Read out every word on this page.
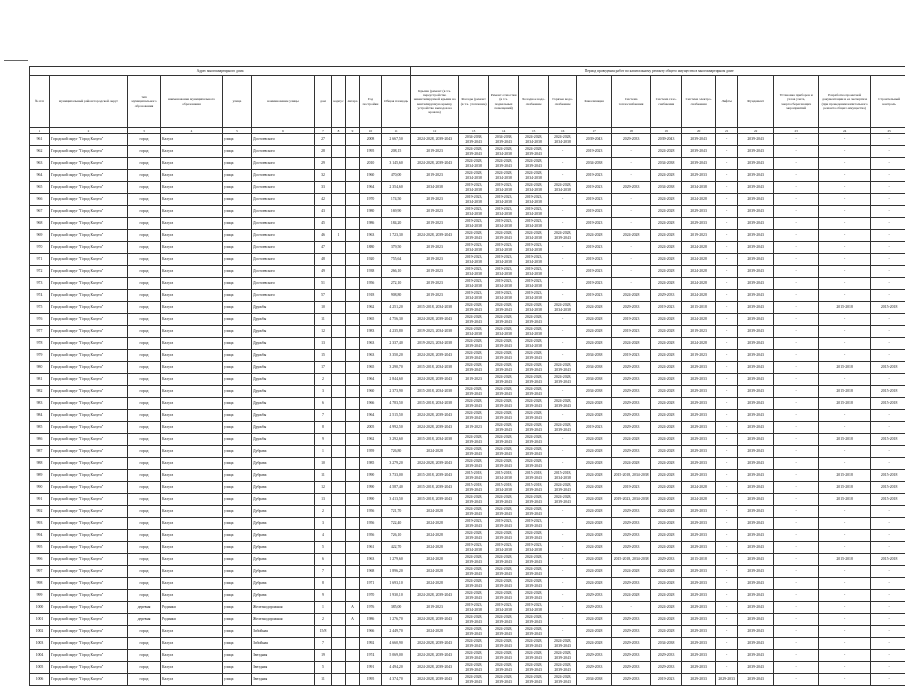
Адрес многоквартирного дома											Период проведения работ по капитальному ремонту общего имущества в многоквартирном доме													
№ п/п	муниципальный район/городской округ	тип муниципального образования	наименование муниципального образования	улица	наименование улицы	дом	корпус	литера	Год постройки	Общая площадь	Крыша (ремонт (в т.ч. переустройство невентилируемой крыши на вентилируемую крышу, устройство выходов на кровлю)	Фасады (ремонт (в т.ч. утепление)	Ремонт отмостки (в т.ч. подвальных помещений)	Холодное водо-снабжение	Горячее водо-снабжение	Канализация	Система теплоснабжения	Система газо-снабжения	Система электро-снабжения	Лифты	Фундамент	Установка приборов и узлов учета, энергосберегающих мероприятий	Разработка проектной документации и ее экспертиза (при проведении капитального ремонта общего имущества)	Строительный контроль
1	2	3	4	5	6	7	8	9	10	11	12	13	14	15	16	17	18	19	20	21	22	23	24	25
961	Городской округ "Город Калуга"	город	Калуга	улица	Достоевского	27			2008	2 667,50	2024-2028, 2039-2043	2034-2038, 2039-2043	2034-2038, 2039-2043	2024-2028, 2034-2038	2024-2028, 2034-2038	2039-2043	2029-2033	2039-2043	2039-2043	-	2039-2043	-	-	-
962	Городской округ "Город Калуга"	город	Калуга	улица	Достоевского	28			1995	208,15	2019-2023	2024-2028, 2039-2043	2024-2028, 2034-2038	2024-2028, 2039-2043	-	2019-2023	-	2024-2028	2039-2043	-	2039-2043	-	-	-
963	Городской округ "Город Калуга"	город	Калуга	улица	Достоевского	29			2010	3 145,60	2024-2028, 2039-2043	2024-2028, 2034-2038	2024-2028, 2039-2043	2024-2028, 2039-2043	-	2034-2038	-	2034-2038	2039-2043	-	2039-2043	-	-	-
964	Городской округ "Город Калуга"	город	Калуга	улица	Достоевского	32			1960	470,00	2019-2023	2024-2028, 2034-2038	2024-2028, 2034-2038	2024-2028, 2034-2038	-	2019-2023	-	2024-2028	2029-2033	-	2039-2043	-	-	-
965	Городской округ "Город Калуга"	город	Калуга	улица	Достоевского	33			1964	2 354,60	2034-2038	2019-2023, 2034-2038	2019-2023, 2034-2038	2024-2028, 2034-2038	2024-2028, 2034-2038	2019-2023	2029-2033	2034-2038	2034-2038	-	2039-2043	-	-	-
966	Городской округ "Город Калуга"	город	Калуга	улица	Достоевского	42			1970	174,50	2019-2023	2019-2023, 2034-2038	2019-2023, 2034-2038	2019-2023, 2034-2038	-	2019-2023	-	2024-2028	2024-2028	-	2039-2043	-	-	-
967	Городской округ "Город Калуга"	город	Калуга	улица	Достоевского	43			1980	169,90	2019-2023	2019-2023, 2034-2038	2019-2023, 2034-2038	2019-2023, 2034-2038	-	2019-2023	-	2024-2028	2029-2033	-	2039-2043	-	-	-
968	Городской округ "Город Калуга"	город	Калуга	улица	Достоевского	45			1986	184,20	2019-2023	2019-2023, 2034-2038	2019-2023, 2034-2038	2019-2023, 2034-2038	-	2019-2023	-	2024-2028	2029-2033	-	2039-2043	-	-	-
969	Городской округ "Город Калуга"	город	Калуга	улица	Достоевского	46	1		1963	1 723,30	2024-2028, 2039-2043	2024-2028, 2039-2043	2024-2028, 2039-2043	2024-2028, 2034-2038	2024-2028, 2039-2043	2024-2028	2024-2028	2024-2028	2019-2023	-	2039-2043	-	-	-
970	Городской округ "Город Калуга"	город	Калуга	улица	Достоевского	47			1880	379,50	2019-2023	2019-2023, 2034-2038	2019-2023, 2034-2038	2019-2023, 2034-2038	-	2019-2023	-	2024-2028	2024-2028	-	2039-2043	-	-	-
971	Городской округ "Город Калуга"	город	Калуга	улица	Достоевского	48			1920	755,64	2019-2023	2019-2023, 2034-2038	2019-2023, 2034-2038	2019-2023, 2034-2038	-	2019-2023	-	2024-2028	2024-2028	-	2039-2043	-	-	-
972	Городской округ "Город Калуга"	город	Калуга	улица	Достоевского	49			1938	266,10	2019-2023	2019-2023, 2034-2038	2019-2023, 2034-2038	2019-2023, 2034-2038	-	2019-2023	-	2024-2028	2024-2028	-	2039-2043	-	-	-
973	Городской округ "Город Калуга"	город	Калуга	улица	Достоевского	51			1956	272,10	2019-2023	2019-2023, 2034-2038	2019-2023, 2034-2038	2019-2023, 2034-2038	-	2019-2023	-	2024-2028	2024-2028	-	2039-2043	-	-	-
974	Городской округ "Город Калуга"	город	Калуга	улица	Достоевского	57			1918	908,80	2019-2023	2019-2023, 2034-2038	2019-2023, 2034-2038	2019-2023, 2034-2038	-	2019-2023	2024-2028	2029-2033	2024-2028	-	2039-2043	-	-	-
975	Городской округ "Город Калуга"	город	Калуга	улица	Дружбы	10			1962	4 251,20	2015-2018, 2034-2038	2024-2028, 2039-2043	2024-2028, 2039-2043	2024-2028, 2034-2038	2024-2028, 2034-2038	2024-2028	2029-2033	2019-2023	2015-2018	-	2039-2043	-	2015-2018	2015-2018
976	Городской округ "Город Калуга"	город	Калуга	улица	Дружбы	11			1965	4 756,30	2024-2028, 2039-2043	2024-2028, 2039-2043	2024-2028, 2039-2043	2024-2028, 2039-2043	-	2024-2028	2019-2023	2024-2028	2024-2028	-	2039-2043	-	-	-
977	Городской округ "Город Калуга"	город	Калуга	улица	Дружбы	12			1983	4 235,80	2019-2023, 2034-2038	2024-2028, 2034-2038	2024-2028, 2034-2038	2024-2028, 2034-2038	-	2024-2028	2019-2023	2024-2028	2019-2023	-	2039-2043	-	-	-
978	Городской округ "Город Калуга"	город	Калуга	улица	Дружбы	13			1963	2 337,40	2019-2023, 2034-2038	2024-2028, 2039-2043	2024-2028, 2039-2043	2024-2028, 2034-2038	-	2024-2028	2024-2028	2024-2028	2024-2028	-	2039-2043	-	-	-
979	Городской округ "Город Калуга"	город	Калуга	улица	Дружбы	15			1963	3 350,20	2024-2028, 2039-2043	2024-2028, 2039-2043	2024-2028, 2039-2043	2024-2028, 2039-2043	-	2034-2038	2019-2023	2024-2028	2019-2023	-	2039-2043	-	-	-
980	Городской округ "Город Калуга"	город	Калуга	улица	Дружбы	17			1965	3 290,70	2015-2018, 2034-2038	2024-2028, 2039-2043	2024-2028, 2039-2043	2024-2028, 2039-2043	2024-2028, 2039-2043	2034-2038	2029-2033	2024-2028	2029-2033	-	2039-2043	-	2015-2018	2015-2018
981	Городской округ "Город Калуга"	город	Калуга	улица	Дружбы	2			1964	2 844,60	2024-2028, 2039-2043	2019-2023	2024-2028, 2039-2043	2024-2028, 2039-2043	2024-2028, 2039-2043	2034-2038	2029-2033	2024-2028	2029-2033	-	2039-2043	-	-	-
982	Городской округ "Город Калуга"	город	Калуга	улица	Дружбы	3			1960	2 373,90	2015-2018, 2034-2038	2024-2028, 2039-2043	2024-2028, 2039-2043	2024-2028, 2039-2043	-	2034-2038	2029-2033	2024-2028	2029-2033	-	2039-2043	-	2015-2018	2015-2018
983	Городской округ "Город Калуга"	город	Калуга	улица	Дружбы	6			1966	4 783,50	2015-2018, 2034-2038	2024-2028, 2039-2043	2024-2028, 2039-2043	2024-2028, 2039-2043	2024-2028, 2039-2043	2024-2028	2029-2033	2024-2028	2029-2033	-	2039-2043	-	2015-2018	2015-2018
984	Городской округ "Город Калуга"	город	Калуга	улица	Дружбы	7			1964	2 515,50	2024-2028, 2039-2043	2024-2028, 2039-2043	2024-2028, 2039-2043	2024-2028, 2039-2043	-	2024-2028	2029-2033	2024-2028	2029-2033	-	2039-2043	-	-	-
985	Городской округ "Город Калуга"	город	Калуга	улица	Дружбы	8			2005	4 992,50	2024-2028, 2039-2043	2019-2023	2024-2028, 2039-2043	2024-2028, 2039-2043	2024-2028, 2039-2043	2019-2023	2029-2033	2024-2028	2029-2033	-	2039-2043	-	-	-
986	Городской округ "Город Калуга"	город	Калуга	улица	Дружбы	9			1962	3 292,60	2015-2018, 2034-2038	2024-2028, 2039-2043	2024-2028, 2039-2043	2024-2028, 2039-2043	-	2024-2028	2024-2028	2024-2028	2029-2033	-	2039-2043	-	2015-2018	2015-2018
987	Городской округ "Город Калуга"	город	Калуга	улица	Дубрава	1			1959	726,80	2024-2028	2024-2028, 2039-2043	2024-2028, 2039-2043	2024-2028, 2039-2043	-	2024-2028	2029-2033	2024-2028	2029-2033	-	2039-2043	-	-	-
988	Городской округ "Город Калуга"	город	Калуга	улица	Дубрава	10			1985	3 279,20	2024-2028, 2039-2043	2024-2028, 2039-2043	2024-2028, 2039-2043	2024-2028, 2039-2043	-	2024-2028	2024-2028	2024-2028	2029-2033	-	2039-2043	-	-	-
989	Городской округ "Город Калуга"	город	Калуга	улица	Дубрава	11			1990	3 733,00	2015-2018, 2039-2043	2015-2018, 2039-2043	2015-2018, 2034-2038	2015-2018, 2039-2043	2015-2018, 2034-2038	2024-2028	2015-2018, 2034-2038	2024-2028	2029-2033	-	2039-2043	-	2015-2018	2015-2018
990	Городской округ "Город Калуга"	город	Калуга	улица	Дубрава	12			1990	4 587,40	2015-2018, 2039-2043	2015-2018, 2039-2043	2015-2018, 2034-2038	2015-2018, 2039-2043	2024-2028, 2039-2043	2024-2028	2019-2023	2024-2028	2024-2028	-	2039-2043	-	2015-2018	2015-2018
991	Городской округ "Город Калуга"	город	Калуга	улица	Дубрава	13			1990	3 413,50	2015-2018, 2039-2043	2024-2028, 2039-2043	2024-2028, 2039-2043	2024-2028, 2039-2043	2024-2028, 2039-2043	2024-2028	2019-2023, 2034-2038	2024-2028	2024-2028	-	2039-2043	-	2015-2018	2015-2018
992	Городской округ "Город Калуга"	город	Калуга	улица	Дубрава	2			1956	721,70	2024-2028	2024-2028, 2039-2043	2024-2028, 2039-2043	2024-2028, 2039-2043	-	2024-2028	2029-2033	2024-2028	2029-2033	-	2039-2043	-	-	-
993	Городской округ "Город Калуга"	город	Калуга	улица	Дубрава	3			1956	722,40	2024-2028	2019-2023, 2039-2043	2019-2023, 2039-2043	2019-2023, 2039-2043	-	2024-2028	2029-2033	2024-2028	2029-2033	-	2039-2043	-	-	-
994	Городской округ "Город Калуга"	город	Калуга	улица	Дубрава	4			1956	726,10	2024-2028	2024-2028, 2039-2043	2024-2028, 2039-2043	2024-2028, 2039-2043	-	2024-2028	2029-2033	2024-2028	2029-2033	-	2039-2043	-	-	-
995	Городской округ "Город Калуга"	город	Калуга	улица	Дубрава	5			1961	422,70	2024-2028	2019-2023, 2034-2038	2019-2023, 2034-2038	2019-2023, 2034-2038	-	2024-2028	2029-2033	2024-2028	2029-2033	-	2039-2043	-	-	-
996	Городской округ "Город Калуга"	город	Калуга	улица	Дубрава	6			1963	1 279,60	2024-2028	2024-2028, 2039-2043	2024-2028, 2039-2043	2024-2028, 2039-2043	-	2024-2028	2015-2018, 2034-2038	2029-2033	2015-2018	-	2039-2043	-	2015-2018	2015-2018
997	Городской округ "Город Калуга"	город	Калуга	улица	Дубрава	7			1968	1 896,20	2024-2028	2024-2028, 2039-2043	2024-2028, 2039-2043	2024-2028, 2039-2043	-	2024-2028	2024-2028	2024-2028	2029-2033	-	2039-2043	-	-	-
998	Городской округ "Город Калуга"	город	Калуга	улица	Дубрава	8			1971	1 693,10	2024-2028	2024-2028, 2039-2043	2024-2028, 2039-2043	2024-2028, 2039-2043	-	2024-2028	2029-2033	2024-2028	2029-2033	-	2039-2043	-	-	-
999	Городской округ "Город Калуга"	город	Калуга	улица	Дубрава	9			1970	1 930,10	2024-2028, 2039-2043	2024-2028, 2039-2043	2024-2028, 2039-2043	2024-2028, 2039-2043	-	2029-2033	2024-2028	2024-2028	2029-2033	-	2039-2043	-	-	-
1000	Городской округ "Город Калуга"	деревня	Родинки	улица	Железнодорожная	1		А	1976	385,00	2019-2023	2019-2023, 2034-2038	2019-2023, 2034-2038	2019-2023, 2034-2038	-	2029-2033	-	2024-2028	2029-2033	-	2039-2043	-	-	-
1001	Городской округ "Город Калуга"	деревня	Родинки	улица	Железнодорожная	2		А	1986	1 276,70	2024-2028, 2039-2043	2024-2028, 2039-2043	2024-2028, 2039-2043	2024-2028, 2039-2043	-	2024-2028	2029-2033	2024-2028	2029-2033	-	2039-2043	-	-	-
1002	Городской округ "Город Калуга"	город	Калуга	улица	Забойная	15/8			1966	2 449,70	2024-2028	2024-2028, 2039-2043	2024-2028, 2039-2043	2024-2028, 2039-2043	-	2024-2028	2029-2033	2024-2028	2029-2033	-	2039-2043	-	-	-
1003	Городской округ "Город Калуга"	город	Калуга	улица	Забойная	7			1992	4 660,90	2024-2028, 2039-2043	2024-2028, 2039-2043	2024-2028, 2039-2043	2024-2028, 2039-2043	2024-2028, 2039-2043	2024-2028	2029-2033	2034-2038	2029-2033	-	2039-2043	-	-	-
1004	Городской округ "Город Калуга"	город	Калуга	улица	Звездная	19			1974	5 069,00	2024-2028, 2039-2043	2024-2028, 2039-2043	2024-2028, 2039-2043	2024-2028, 2039-2043	2024-2028, 2039-2043	2029-2033	2029-2033	2029-2033	2029-2033	-	2039-2043	-	-	-
1005	Городской округ "Город Калуга"	город	Калуга	улица	Звездная	5			1991	4 494,20	2024-2028, 2039-2043	2024-2028, 2039-2043	2024-2028, 2039-2043	2024-2028, 2039-2043	2024-2028, 2039-2043	2029-2033	2029-2033	2029-2033	2029-2033	-	2039-2043	-	-	-
1006	Городской округ "Город Калуга"	город	Калуга	улица	Звездная	11			1995	4 374,70	2024-2028, 2039-2043	2024-2028, 2039-2043	2024-2028, 2039-2043	2024-2028, 2039-2043	2024-2028, 2039-2043	2034-2038	2029-2033	2019-2023	2029-2033	2029-2033	2039-2043	-	-	-
